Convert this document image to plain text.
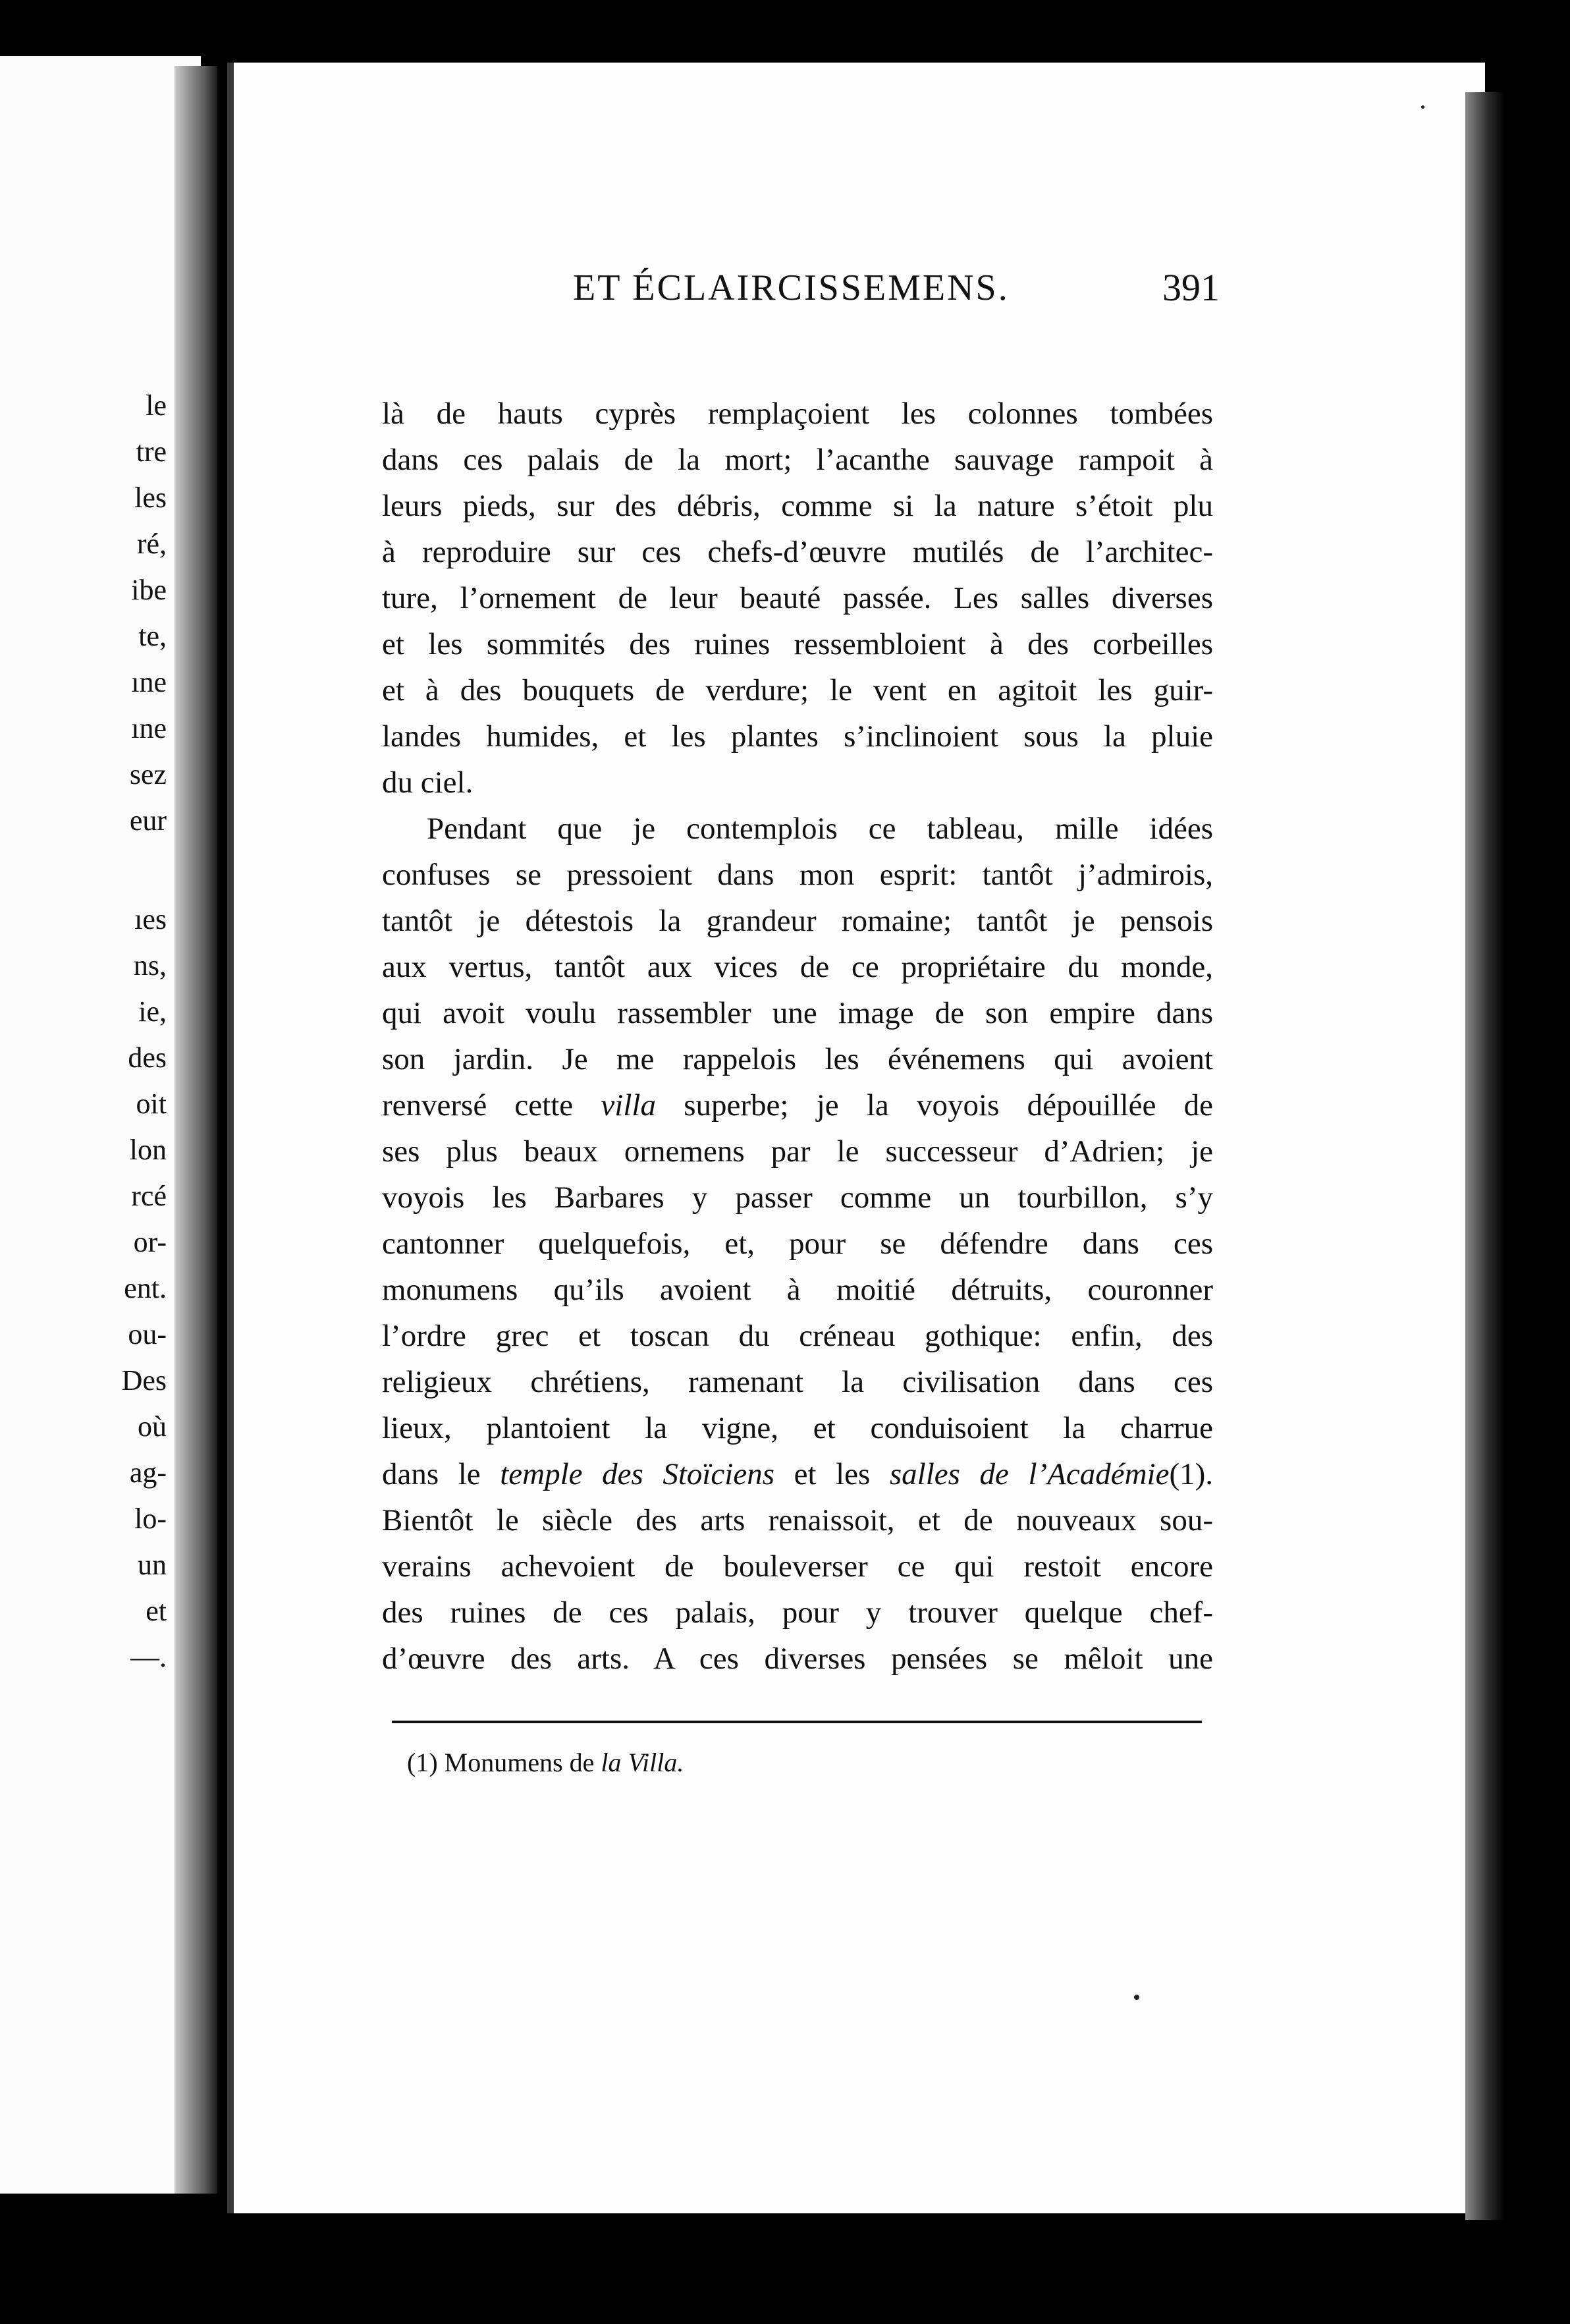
le
tre
les
ré,
ibe
te,
ıne
ıne
sez
eur
ıes
ns,
ie,
des
oit
lon
rcé
or-
ent.
ou-
Des
où
ag-
lo-
un
et
—.
ET ÉCLAIRCISSEMENS.	391
là de hauts cyprès remplaçoient les colonnes tombées
dans ces palais de la mort; l’acanthe sauvage rampoit à
leurs pieds, sur des débris, comme si la nature s’étoit plu
à reproduire sur ces chefs-d’œuvre mutilés de l’architec-
ture, l’ornement de leur beauté passée. Les salles diverses
et les sommités des ruines ressembloient à des corbeilles
et à des bouquets de verdure; le vent en agitoit les guir-
landes humides, et les plantes s’inclinoient sous la pluie
du ciel.
Pendant que je contemplois ce tableau, mille idées
confuses se pressoient dans mon esprit: tantôt j’admirois,
tantôt je détestois la grandeur romaine; tantôt je pensois
aux vertus, tantôt aux vices de ce propriétaire du monde,
qui avoit voulu rassembler une image de son empire dans
son jardin. Je me rappelois les événemens qui avoient
renversé cette villa superbe; je la voyois dépouillée de
ses plus beaux ornemens par le successeur d’Adrien; je
voyois les Barbares y passer comme un tourbillon, s’y
cantonner quelquefois, et, pour se défendre dans ces
monumens qu’ils avoient à moitié détruits, couronner
l’ordre grec et toscan du créneau gothique: enfin, des
religieux chrétiens, ramenant la civilisation dans ces
lieux, plantoient la vigne, et conduisoient la charrue
dans le temple des Stoïciens et les salles de l’Académie(1).
Bientôt le siècle des arts renaissoit, et de nouveaux sou-
verains achevoient de bouleverser ce qui restoit encore
des ruines de ces palais, pour y trouver quelque chef-
d’œuvre des arts. A ces diverses pensées se mêloit une
(1) Monumens de la Villa.
